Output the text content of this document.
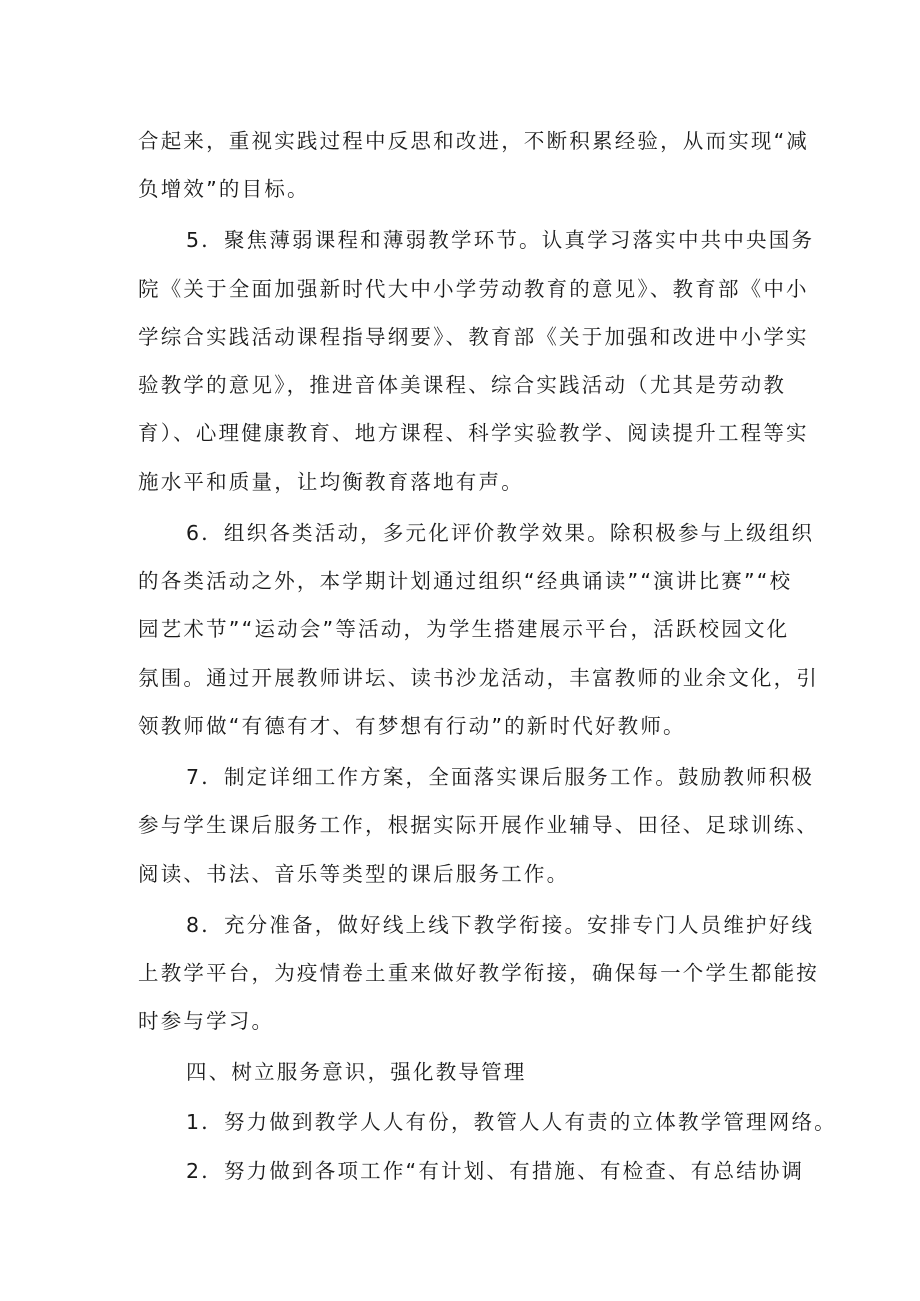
合起来，重视实践过程中反思和改进，不断积累经验，从而实现“减
负增效”的目标。
5．聚焦薄弱课程和薄弱教学环节。认真学习落实中共中央国务
院《关于全面加强新时代大中小学劳动教育的意见》、教育部《中小
学综合实践活动课程指导纲要》、教育部《关于加强和改进中小学实
验教学的意见》，推进音体美课程、综合实践活动（尤其是劳动教
育）、心理健康教育、地方课程、科学实验教学、阅读提升工程等实
施水平和质量，让均衡教育落地有声。
6．组织各类活动，多元化评价教学效果。除积极参与上级组织
的各类活动之外，本学期计划通过组织“经典诵读”“演讲比赛”“校
园艺术节”“运动会”等活动，为学生搭建展示平台，活跃校园文化
氛围。通过开展教师讲坛、读书沙龙活动，丰富教师的业余文化，引
领教师做“有德有才、有梦想有行动”的新时代好教师。
7．制定详细工作方案，全面落实课后服务工作。鼓励教师积极
参与学生课后服务工作，根据实际开展作业辅导、田径、足球训练、
阅读、书法、音乐等类型的课后服务工作。
8．充分准备，做好线上线下教学衔接。安排专门人员维护好线
上教学平台，为疫情卷土重来做好教学衔接，确保每一个学生都能按
时参与学习。
四、树立服务意识，强化教导管理
1．努力做到教学人人有份，教管人人有责的立体教学管理网络。
2．努力做到各项工作“有计划、有措施、有检查、有总结协调
